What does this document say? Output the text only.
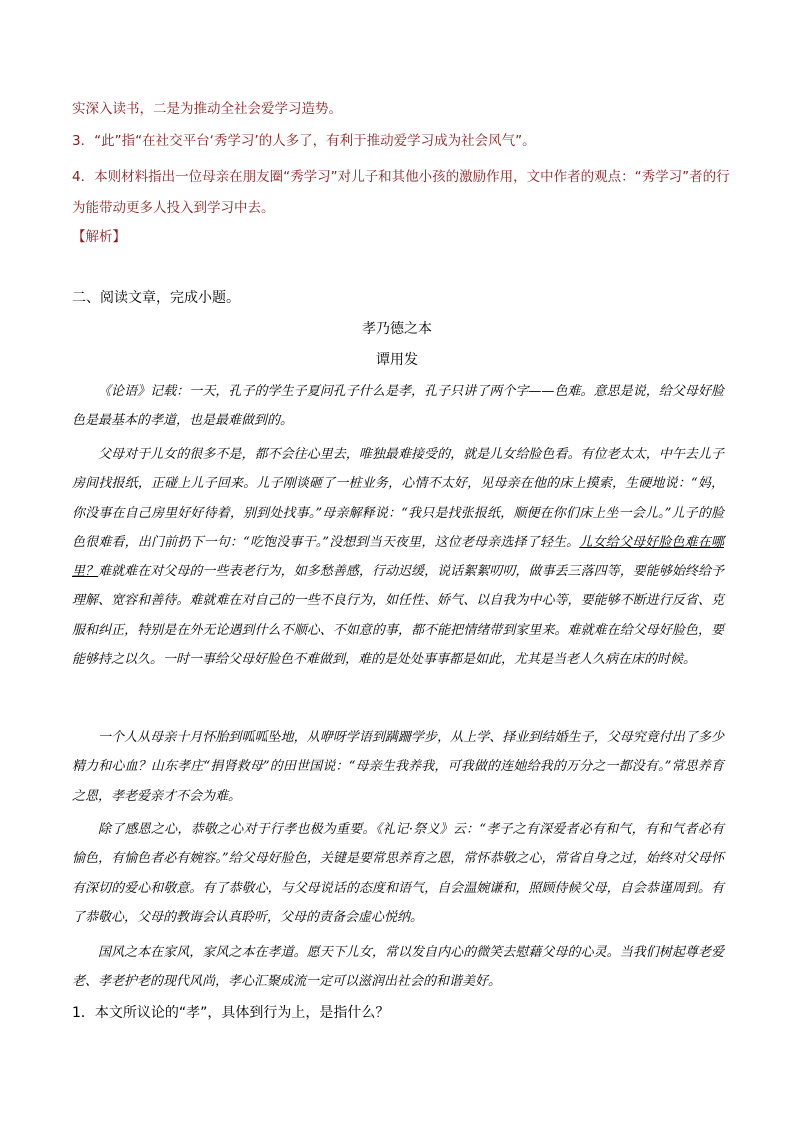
实深入读书，二是为推动全社会爱学习造势。

3．“此”指“在社交平台‘秀学习’的人多了，有利于推动爱学习成为社会风气”。

4．本则材料指出一位母亲在朋友圈“秀学习”对儿子和其他小孩的激励作用，文中作者的观点：“秀学习”者的行为能带动更多人投入到学习中去。

【解析】

二、阅读文章，完成小题。

孝乃德之本

谭用发

《论语》记载：一天，孔子的学生子夏问孔子什么是孝，孔子只讲了两个字——色难。意思是说，给父母好脸色是最基本的孝道，也是最难做到的。

父母对于儿女的很多不是，都不会往心里去，唯独最难接受的，就是儿女给脸色看。有位老太太，中午去儿子房间找报纸，正碰上儿子回来。儿子刚谈砸了一桩业务，心情不太好，见母亲在他的床上摸索，生硬地说：“妈，你没事在自己房里好好待着，别到处找事。”母亲解释说：“我只是找张报纸，顺便在你们床上坐一会儿。”儿子的脸色很难看，出门前扔下一句：“吃饱没事干。”没想到当天夜里，这位老母亲选择了轻生。儿女给父母好脸色难在哪里？难就难在对父母的一些表老行为，如多愁善感，行动迟缓，说话絮絮叨叨，做事丢三落四等，要能够始终给予理解、宽容和善待。难就难在对自己的一些不良行为，如任性、娇气、以自我为中心等，要能够不断进行反省、克服和纠正，特别是在外无论遇到什么不顺心、不如意的事，都不能把情绪带到家里来。难就难在给父母好脸色，要能够持之以久。一时一事给父母好脸色不难做到，难的是处处事事都是如此，尤其是当老人久病在床的时候。

一个人从母亲十月怀胎到呱呱坠地，从咿呀学语到蹒跚学步，从上学、择业到结婚生子，父母究竟付出了多少精力和心血？山东孝庄“捐肾救母”的田世国说：“母亲生我养我，可我做的连她给我的万分之一都没有。”常思养育之恩，孝老爱亲才不会为难。

除了感恩之心，恭敬之心对于行孝也极为重要。《礼记·祭义》云：“孝子之有深爱者必有和气，有和气者必有愉色，有愉色者必有婉容。”给父母好脸色，关键是要常思养育之恩，常怀恭敬之心，常省自身之过，始终对父母怀有深切的爱心和敬意。有了恭敬心，与父母说话的态度和语气，自会温婉谦和，照顾侍候父母，自会恭谨周到。有了恭敬心，父母的教诲会认真聆听，父母的责备会虚心悦纳。

国风之本在家风，家风之本在孝道。愿天下儿女，常以发自内心的微笑去慰藉父母的心灵。当我们树起尊老爱老、孝老护老的现代风尚，孝心汇聚成流一定可以滋润出社会的和谐美好。

1．本文所议论的“孝”，具体到行为上，是指什么？
